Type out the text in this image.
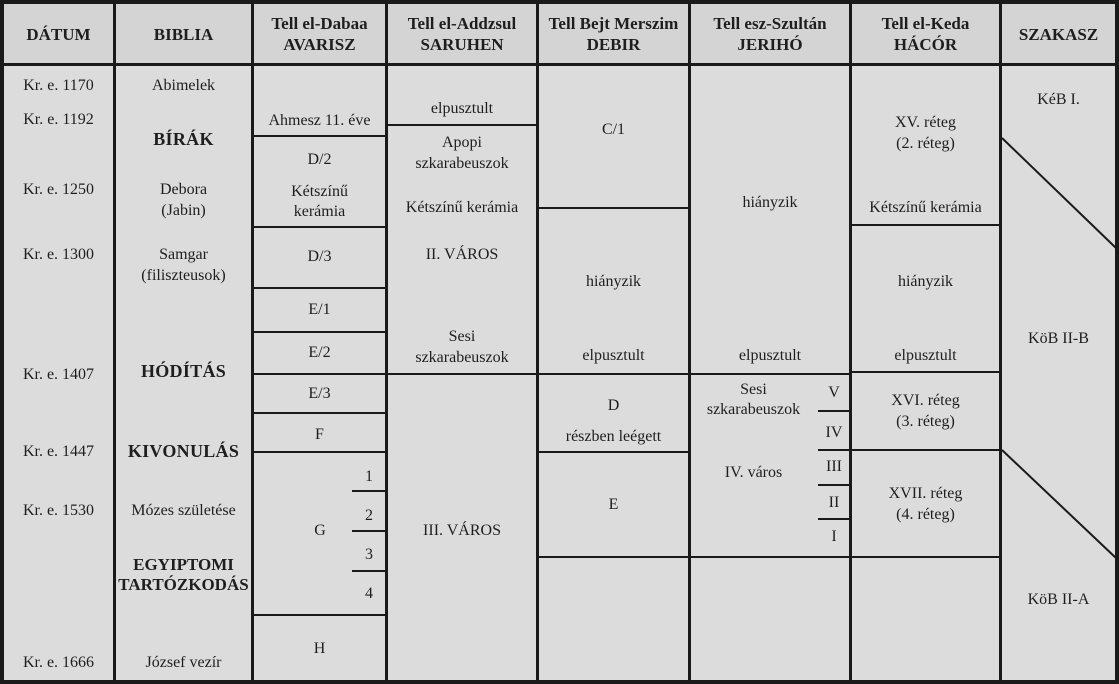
DÁTUM	BIBLIA
Tell el-Dabaa
AVARISZ
Tell el-Addzsul
SARUHEN
Tell Bejt Merszim
DEBIR
Tell esz-Szultán
JERIHÓ
Tell el-Keda
HÁCÓR
SZAKASZ
Kr. e. 1170
Kr. e. 1192
Kr. e. 1250
Kr. e. 1300
Kr. e. 1407
Kr. e. 1447
Kr. e. 1530
Kr. e. 1666
Abimelek
BÍRÁK
Debora
(Jabin)
Samgar
(filiszteusok)
HÓDÍTÁS
KIVONULÁS
Mózes születése
EGYIPTOMI
TARTÓZKODÁS
József vezír
Ahmesz 11. éve
D/2
Kétszínű
kerámia
D/3
E/1
E/2
E/3
F
G
1
2
3
4
H
elpusztult
Apopi
szkarabeuszok
Kétszínű kerámia
II. VÁROS
Sesi
szkarabeuszok
III. VÁROS
C/1
hiányzik
elpusztult
D
részben leégett
E
hiányzik
elpusztult
Sesi
szkarabeuszok
IV. város
V
IV
III
II
I
XV. réteg
(2. réteg)
Kétszínű kerámia
hiányzik
elpusztult
XVI. réteg
(3. réteg)
XVII. réteg
(4. réteg)
KéB I.
KöB II-B
KöB II-A
